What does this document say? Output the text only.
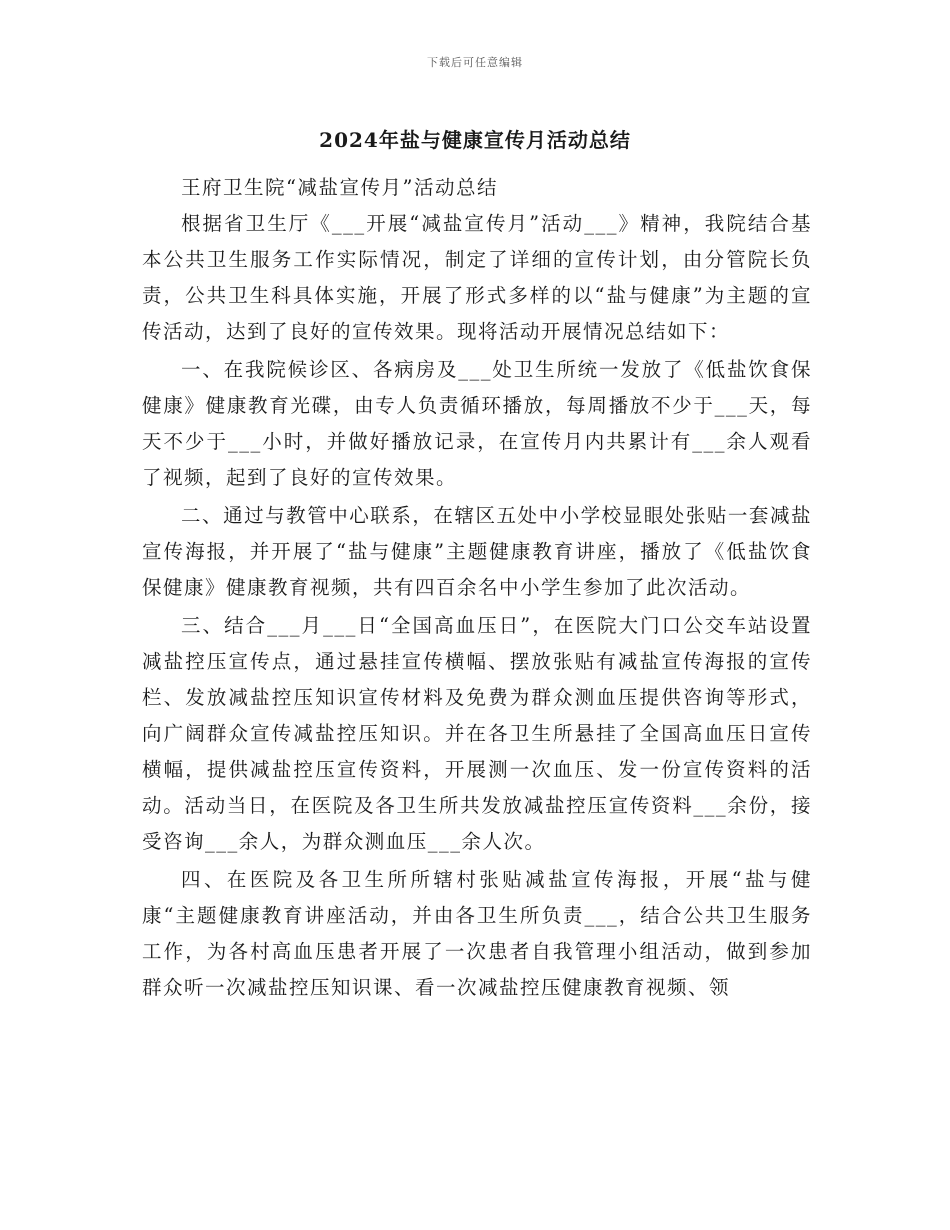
下载后可任意编辑
2024年盐与健康宣传月活动总结

王府卫生院“减盐宣传月”活动总结

根据省卫生厅《___开展“减盐宣传月”活动___》精神，我院结合基本公共卫生服务工作实际情况，制定了详细的宣传计划，由分管院长负责，公共卫生科具体实施，开展了形式多样的以“盐与健康”为主题的宣传活动，达到了良好的宣传效果。现将活动开展情况总结如下：

一、在我院候诊区、各病房及___处卫生所统一发放了《低盐饮食保健康》健康教育光碟，由专人负责循环播放，每周播放不少于___天，每天不少于___小时，并做好播放记录，在宣传月内共累计有___余人观看了视频，起到了良好的宣传效果。

二、通过与教管中心联系，在辖区五处中小学校显眼处张贴一套减盐宣传海报，并开展了“盐与健康”主题健康教育讲座，播放了《低盐饮食保健康》健康教育视频，共有四百余名中小学生参加了此次活动。

三、结合___月___日“全国高血压日”，在医院大门口公交车站设置减盐控压宣传点，通过悬挂宣传横幅、摆放张贴有减盐宣传海报的宣传栏、发放减盐控压知识宣传材料及免费为群众测血压提供咨询等形式，向广阔群众宣传减盐控压知识。并在各卫生所悬挂了全国高血压日宣传横幅，提供减盐控压宣传资料，开展测一次血压、发一份宣传资料的活动。活动当日，在医院及各卫生所共发放减盐控压宣传资料___余份，接受咨询___余人，为群众测血压___余人次。

四、在医院及各卫生所所辖村张贴减盐宣传海报，开展“盐与健康“主题健康教育讲座活动，并由各卫生所负责___，结合公共卫生服务工作，为各村高血压患者开展了一次患者自我管理小组活动，做到参加群众听一次减盐控压知识课、看一次减盐控压健康教育视频、领
